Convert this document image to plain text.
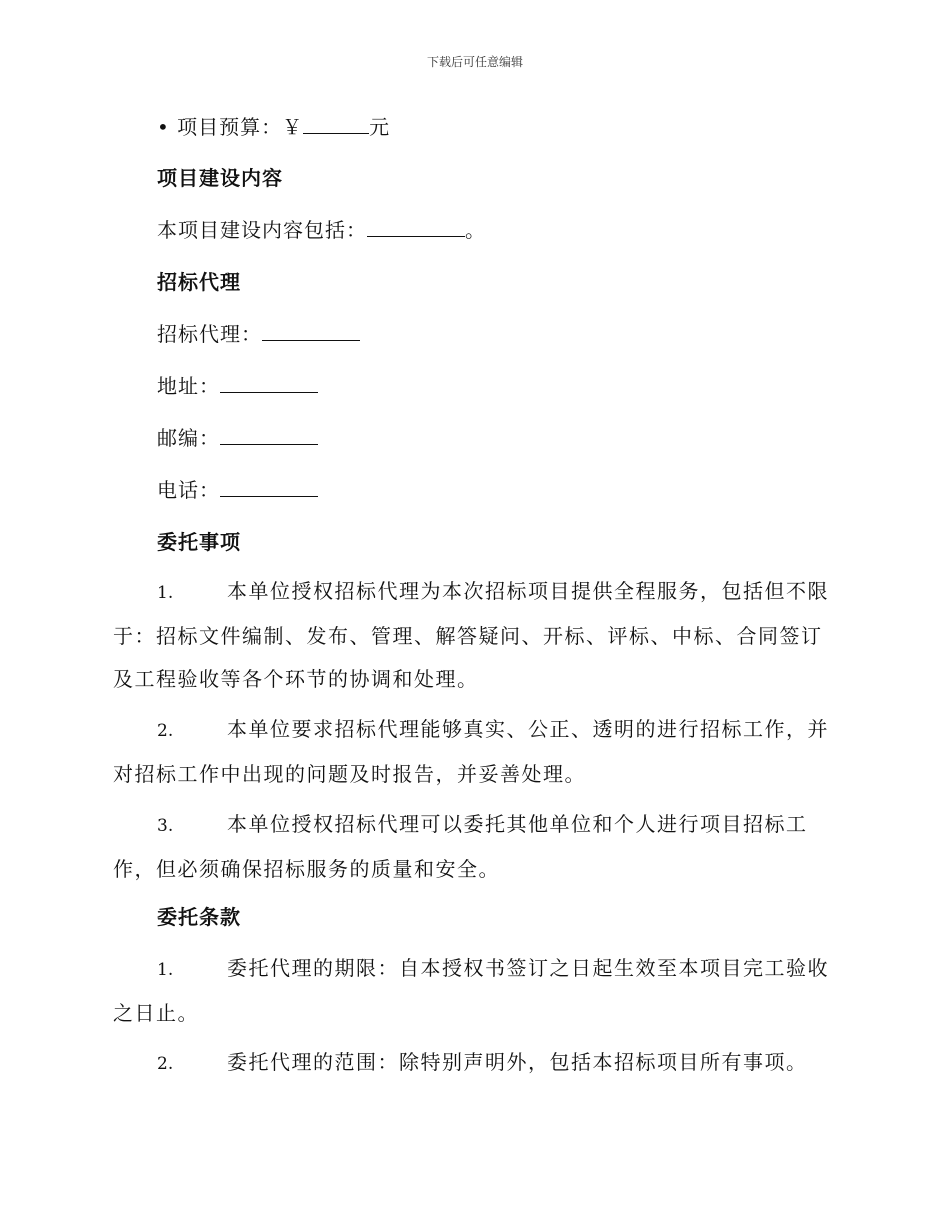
下载后可任意编辑
• 项目预算：￥	元
项目建设内容
本项目建设内容包括：	。
招标代理
招标代理：
地址：
邮编：
电话：
委托事项
1.	本单位授权招标代理为本次招标项目提供全程服务，包括但不限于：招标文件编制、发布、管理、解答疑问、开标、评标、中标、合同签订及工程验收等各个环节的协调和处理。
2.	本单位要求招标代理能够真实、公正、透明的进行招标工作，并对招标工作中出现的问题及时报告，并妥善处理。
3.	本单位授权招标代理可以委托其他单位和个人进行项目招标工作，但必须确保招标服务的质量和安全。
委托条款
1.	委托代理的期限：自本授权书签订之日起生效至本项目完工验收之日止。
2.	委托代理的范围：除特别声明外，包括本招标项目所有事项。
